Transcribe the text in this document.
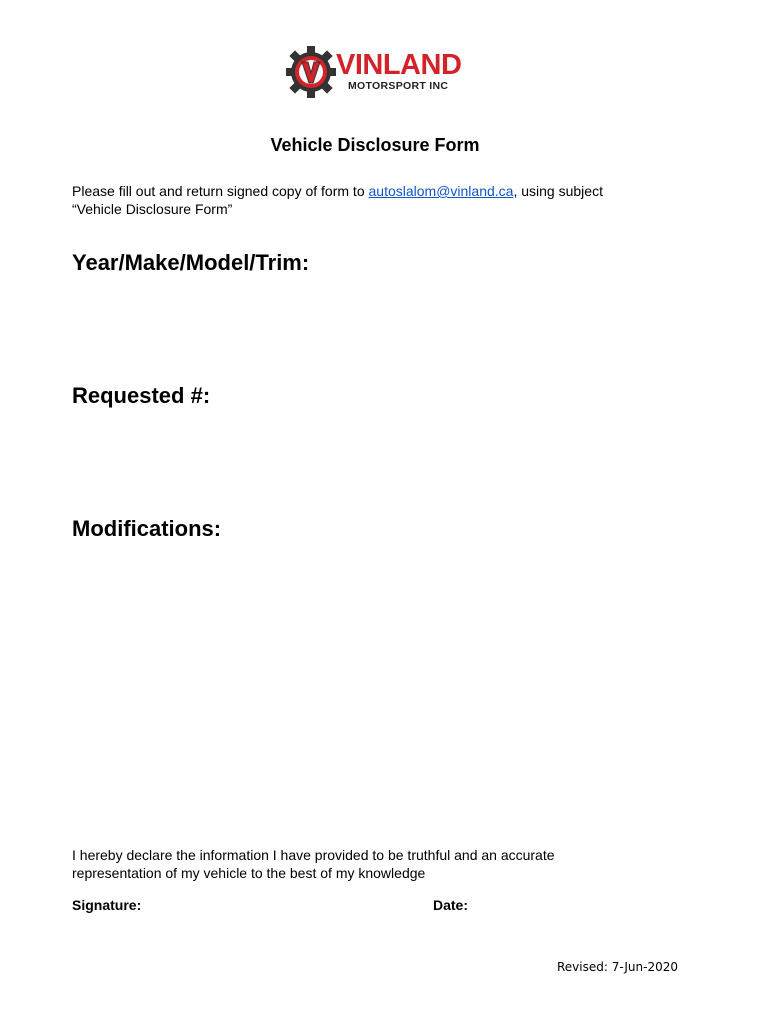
VINLAND
MOTORSPORT INC
Vehicle Disclosure Form
Please fill out and return signed copy of form to autoslalom@vinland.ca, using subject
“Vehicle Disclosure Form”
Year/Make/Model/Trim:
Requested #:
Modifications:
I hereby declare the information I have provided to be truthful and an accurate
representation of my vehicle to the best of my knowledge
Signature:	Date:
Revised: 7-Jun-2020
